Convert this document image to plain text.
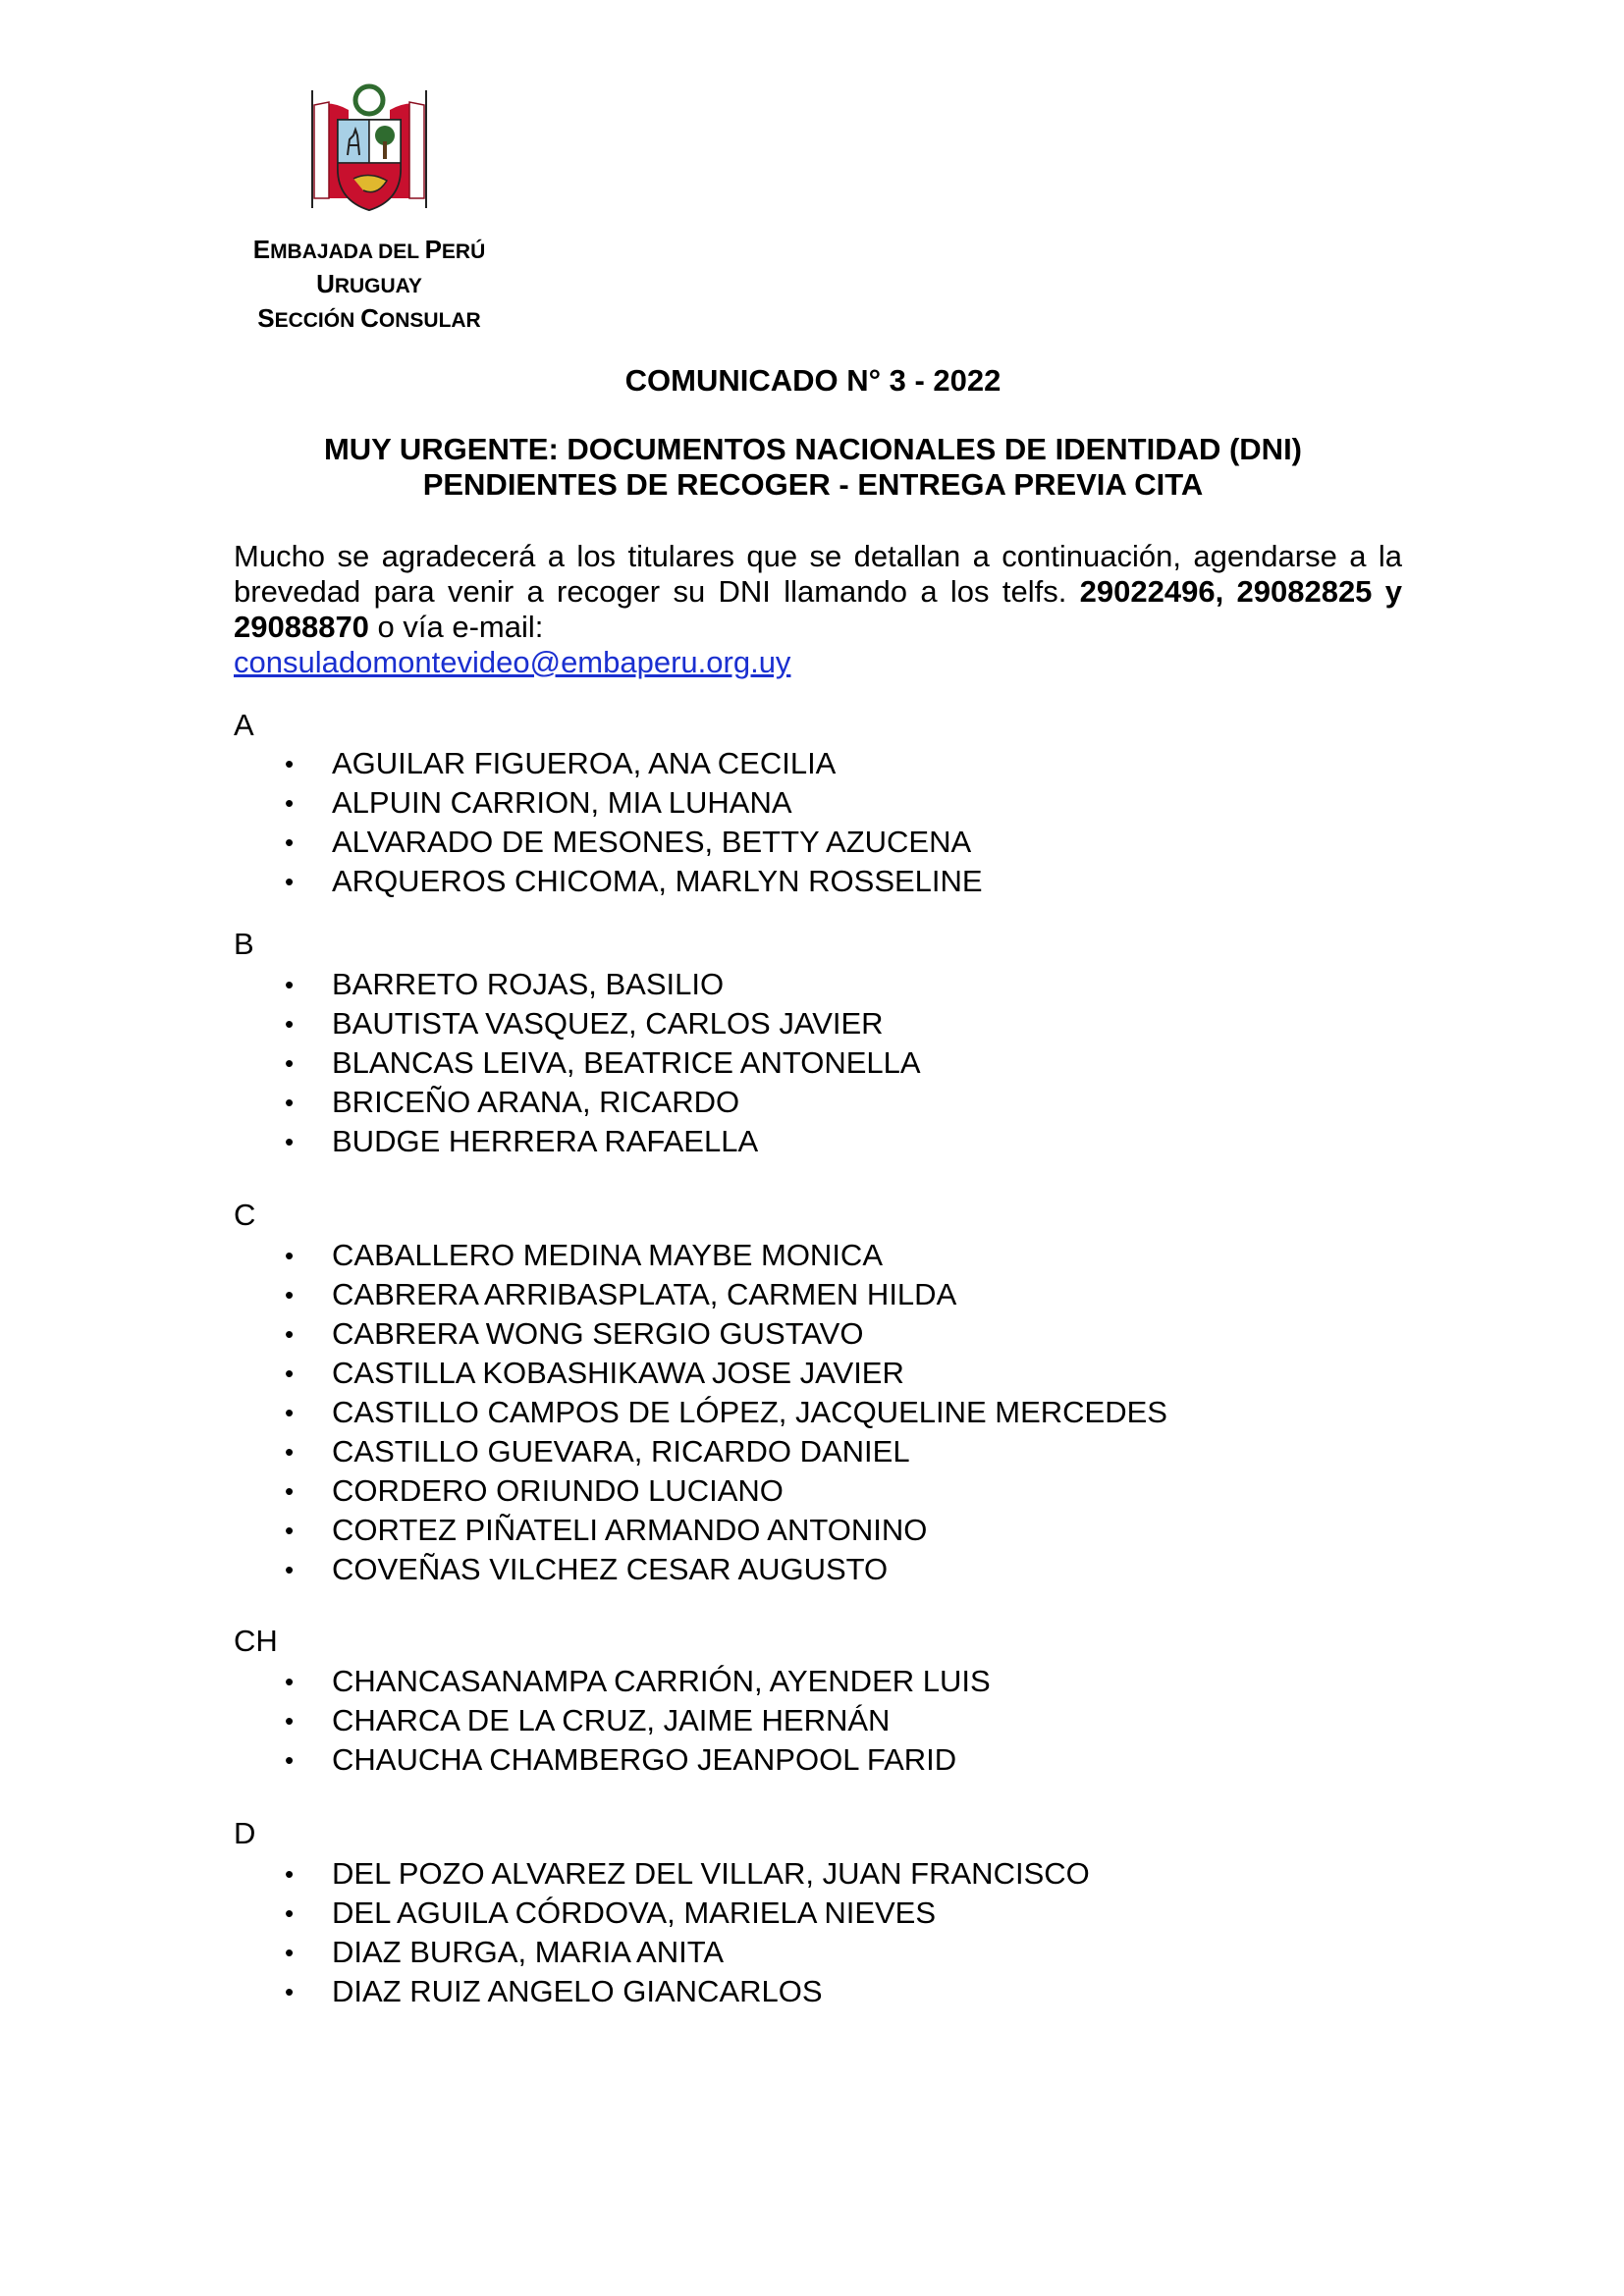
EMBAJADA DEL PERÚ
URUGUAY
SECCIÓN CONSULAR
COMUNICADO N° 3 - 2022
MUY URGENTE: DOCUMENTOS NACIONALES DE IDENTIDAD (DNI)
PENDIENTES DE RECOGER - ENTREGA PREVIA CITA
Mucho se agradecerá a los titulares que se detallan a continuación, agendarse a la brevedad para venir a recoger su DNI llamando a los telfs. 29022496, 29082825 y 29088870 o vía e-mail:
consuladomontevideo@embaperu.org.uy
A
•	AGUILAR FIGUEROA, ANA CECILIA
•	ALPUIN CARRION, MIA LUHANA
•	ALVARADO DE MESONES, BETTY AZUCENA
•	ARQUEROS CHICOMA, MARLYN ROSSELINE
B
•	BARRETO ROJAS, BASILIO
•	BAUTISTA VASQUEZ, CARLOS JAVIER
•	BLANCAS LEIVA, BEATRICE ANTONELLA
•	BRICEÑO ARANA, RICARDO
•	BUDGE HERRERA RAFAELLA
C
•	CABALLERO MEDINA MAYBE MONICA
•	CABRERA ARRIBASPLATA, CARMEN HILDA
•	CABRERA WONG SERGIO GUSTAVO
•	CASTILLA KOBASHIKAWA JOSE JAVIER
•	CASTILLO CAMPOS DE LÓPEZ, JACQUELINE MERCEDES
•	CASTILLO GUEVARA, RICARDO DANIEL
•	CORDERO ORIUNDO LUCIANO
•	CORTEZ PIÑATELI ARMANDO ANTONINO
•	COVEÑAS VILCHEZ CESAR AUGUSTO
CH
•	CHANCASANAMPA CARRIÓN, AYENDER LUIS
•	CHARCA DE LA CRUZ, JAIME HERNÁN
•	CHAUCHA CHAMBERGO JEANPOOL FARID
D
•	DEL POZO ALVAREZ DEL VILLAR, JUAN FRANCISCO
•	DEL AGUILA CÓRDOVA, MARIELA NIEVES
•	DIAZ BURGA, MARIA ANITA
•	DIAZ RUIZ ANGELO GIANCARLOS
